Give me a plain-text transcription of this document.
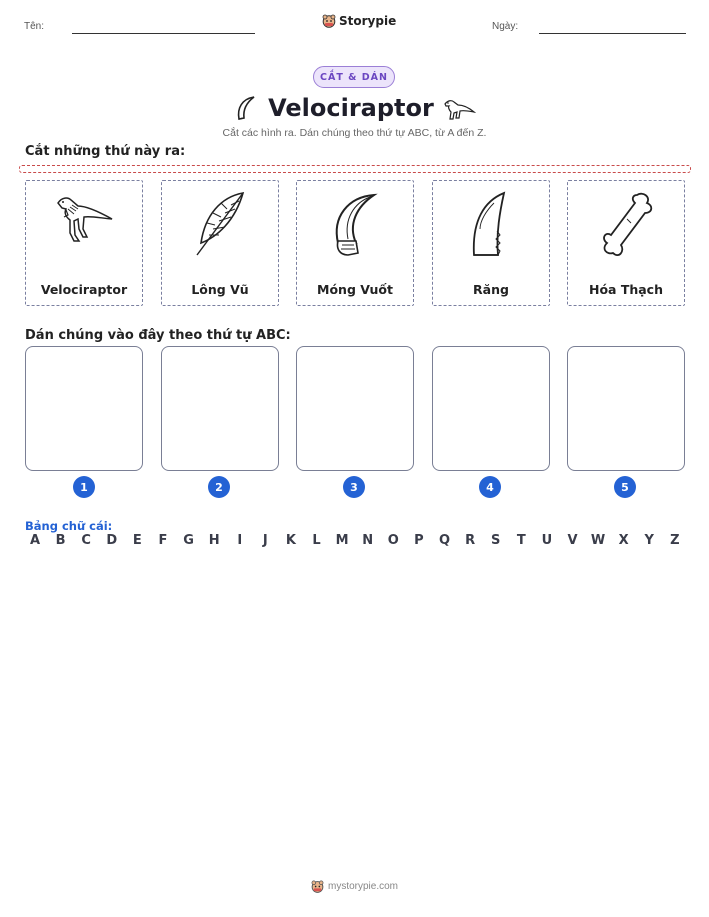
Tên:	Storypie	Ngày:
CẮT & DÁN
Velociraptor
Cắt các hình ra. Dán chúng theo thứ tự ABC, từ A đến Z.
Cắt những thứ này ra:
Velociraptor	Lông Vũ	Móng Vuốt	Răng	Hóa Thạch
Dán chúng vào đây theo thứ tự ABC:
1	2	3	4	5
Bảng chữ cái:
A	B	C	D	E	F	G	H	I	J	K	L	M	N	O	P	Q	R	S	T	U	V	W	X	Y	Z
mystorypie.com
